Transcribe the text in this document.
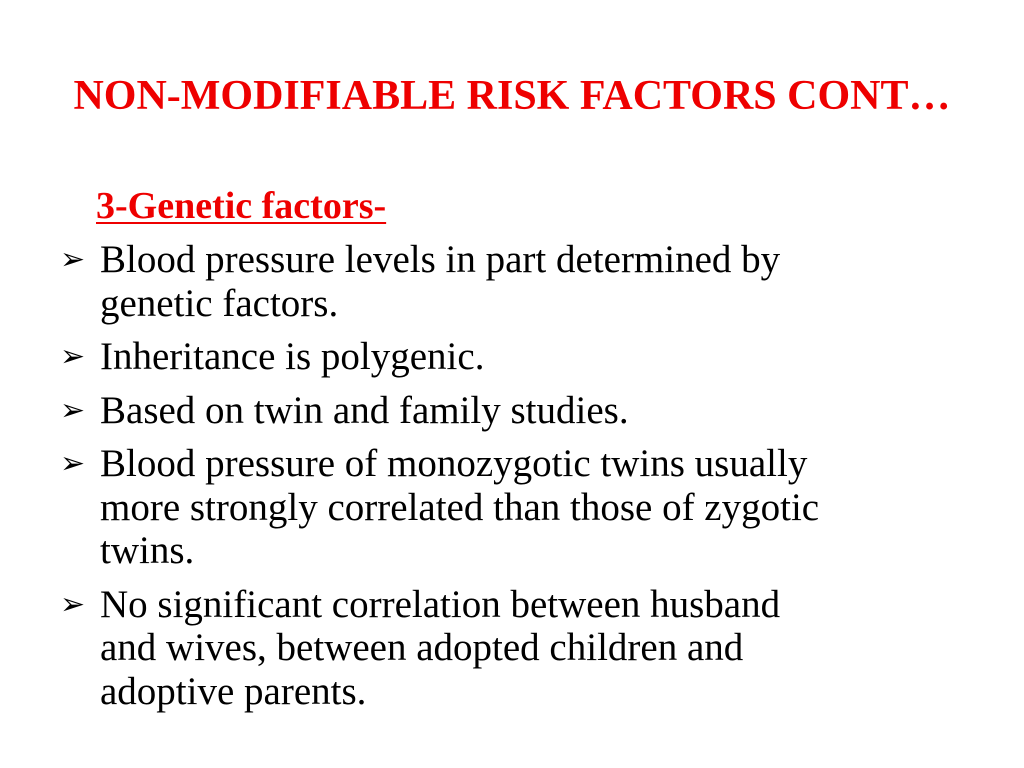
NON-MODIFIABLE RISK FACTORS CONT…
3-Genetic factors-
➢ Blood pressure levels in part determined by
genetic factors.
➢ Inheritance is polygenic.
➢ Based on twin and family studies.
➢ Blood pressure of monozygotic twins usually
more strongly correlated than those of zygotic
twins.
➢ No significant correlation between husband
and wives, between adopted children and
adoptive parents.
